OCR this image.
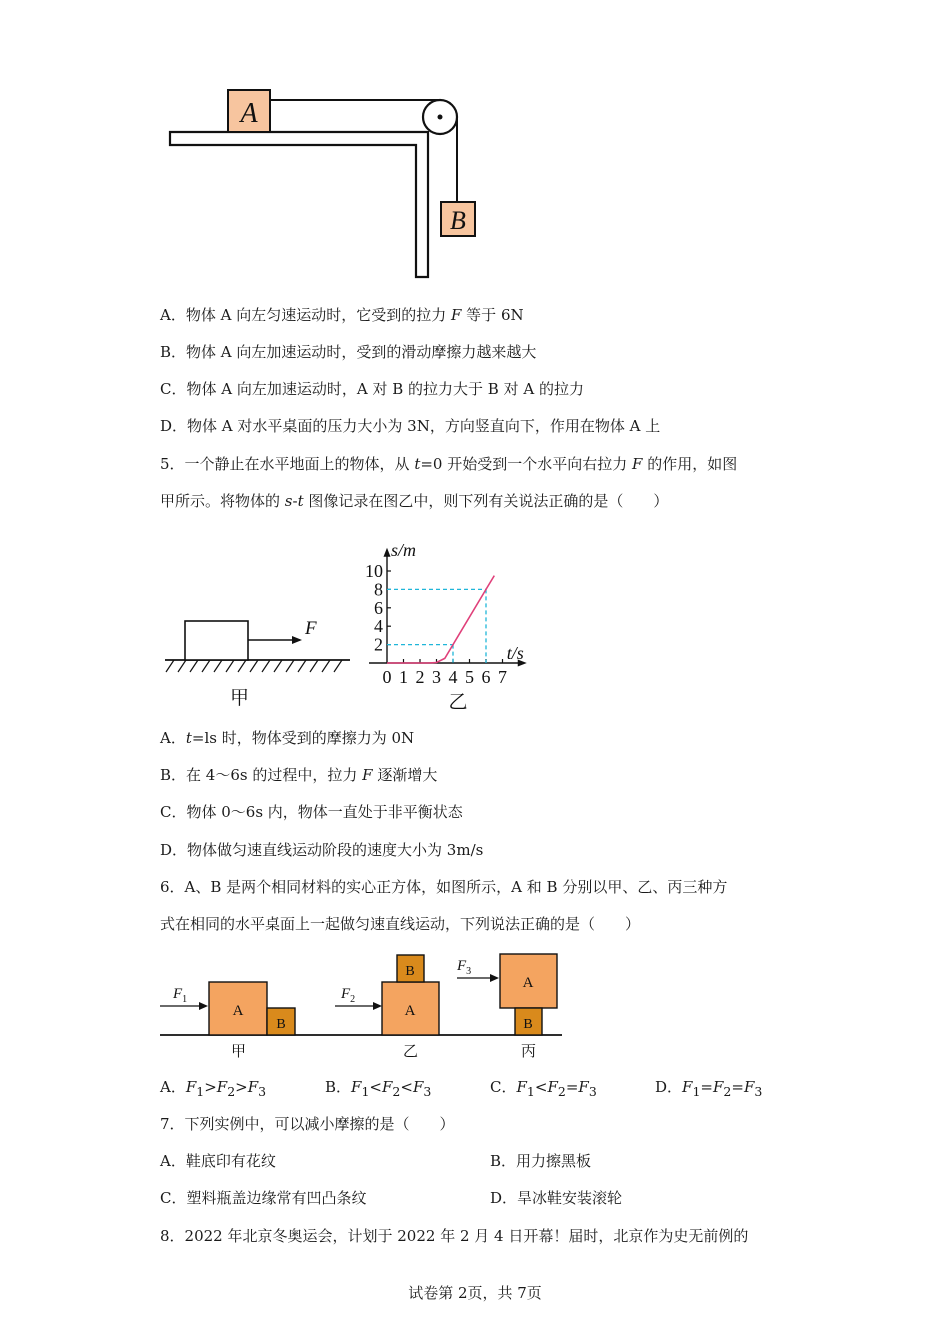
A
B
A．物体 A 向左匀速运动时，它受到的拉力 F 等于 6N
B．物体 A 向左加速运动时，受到的滑动摩擦力越来越大
C．物体 A 向左加速运动时，A 对 B 的拉力大于 B 对 A 的拉力
D．物体 A 对水平桌面的压力大小为 3N，方向竖直向下，作用在物体 A 上
5．一个静止在水平地面上的物体，从 t=0 开始受到一个水平向右拉力 F 的作用，如图
甲所示。将物体的 s-t 图像记录在图乙中，则下列有关说法正确的是（　　）
F
甲
s/m
t/s
2
4
6
8
10
0 1 2 3 4 5 6 7
乙
A．t=ls 时，物体受到的摩擦力为 0N
B．在 4～6s 的过程中，拉力 F 逐渐增大
C．物体 0～6s 内，物体一直处于非平衡状态
D．物体做匀速直线运动阶段的速度大小为 3m/s
6．A、B 是两个相同材料的实心正方体，如图所示，A 和 B 分别以甲、乙、丙三种方
式在相同的水平桌面上一起做匀速直线运动，下列说法正确的是（　　）
$F_1$
A
B
甲
$F_2$
A
B
乙
$F_3$
A
B
丙
A．$F_1>F_2>F_3$	B．$F_1<F_2<F_3$	C．$F_1<F_2=F_3$	D．$F_1=F_2=F_3$
7．下列实例中，可以减小摩擦的是（　　）
A．鞋底印有花纹	B．用力擦黑板
C．塑料瓶盖边缘常有凹凸条纹	D．旱冰鞋安装滚轮
8．2022 年北京冬奥运会，计划于 2022 年 2 月 4 日开幕！届时，北京作为史无前例的
试卷第 2页，共 7页
